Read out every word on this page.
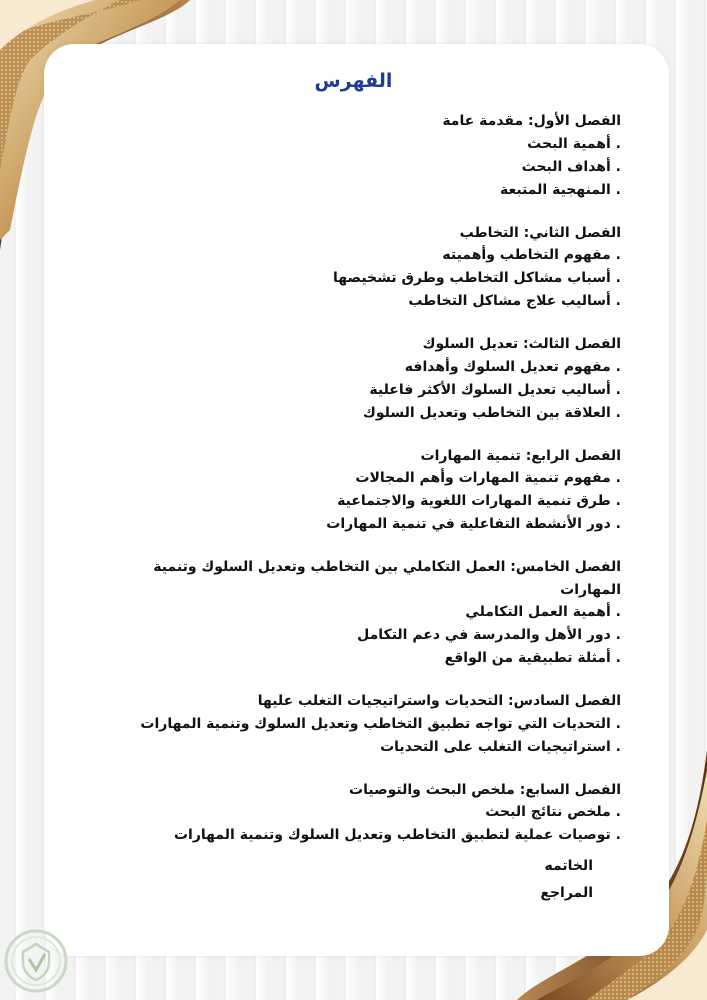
الفهرس
الفصل الأول: مقدمة عامة
. أهمية البحث
. أهداف البحث
. المنهجية المتبعة
الفصل الثاني: التخاطب
. مفهوم التخاطب وأهميته
. أسباب مشاكل التخاطب وطرق تشخيصها
. أساليب علاج مشاكل التخاطب
الفصل الثالث: تعديل السلوك
. مفهوم تعديل السلوك وأهدافه
. أساليب تعديل السلوك الأكثر فاعلية
. العلاقة بين التخاطب وتعديل السلوك
الفصل الرابع: تنمية المهارات
. مفهوم تنمية المهارات وأهم المجالات
. طرق تنمية المهارات اللغوية والاجتماعية
. دور الأنشطة التفاعلية في تنمية المهارات
الفصل الخامس: العمل التكاملي بين التخاطب وتعديل السلوك وتنمية المهارات
. أهمية العمل التكاملي
. دور الأهل والمدرسة في دعم التكامل
. أمثلة تطبيقية من الواقع
الفصل السادس: التحديات واستراتيجيات التغلب عليها
. التحديات التي تواجه تطبيق التخاطب وتعديل السلوك وتنمية المهارات
. استراتيجيات التغلب على التحديات
الفصل السابع: ملخص البحث والتوصيات
. ملخص نتائج البحث
. توصيات عملية لتطبيق التخاطب وتعديل السلوك وتنمية المهارات
الخاتمه
المراجع
